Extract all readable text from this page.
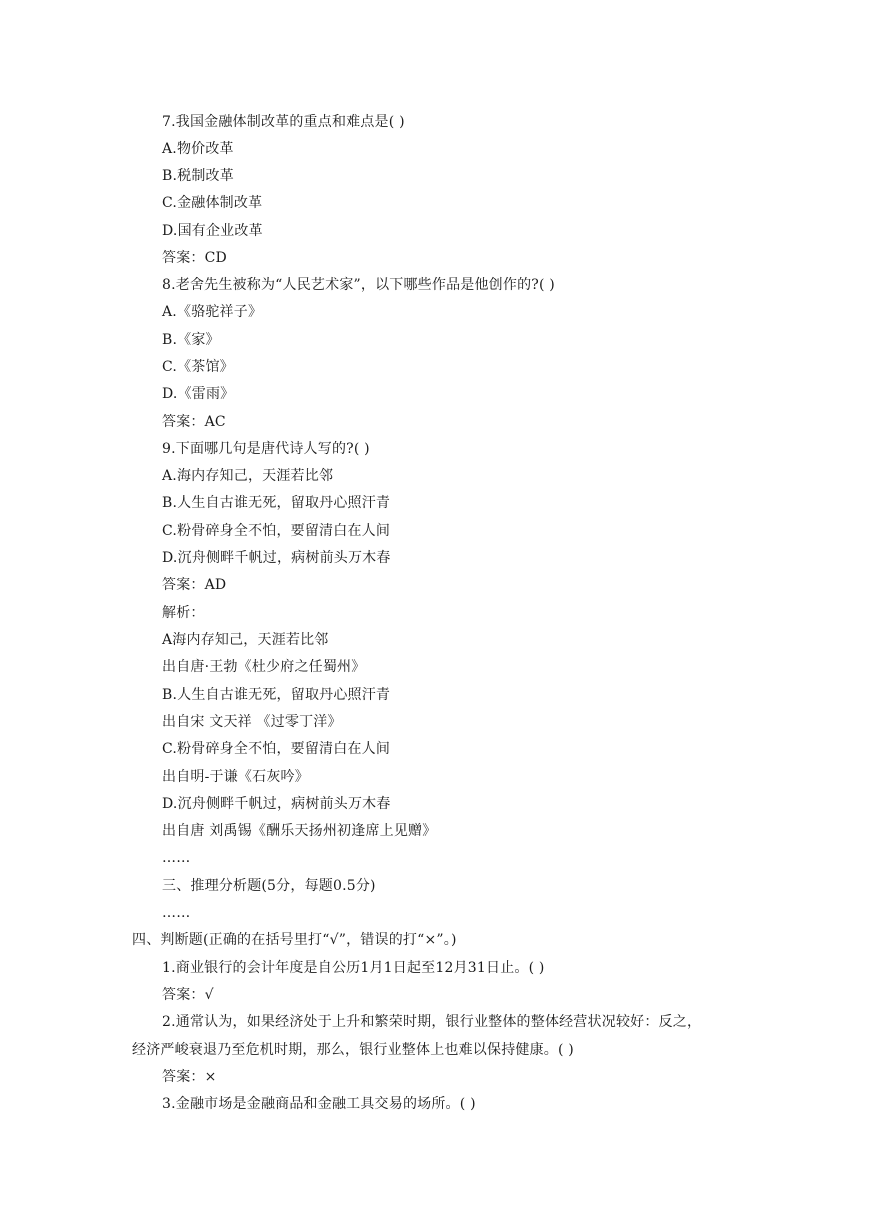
7.我国金融体制改革的重点和难点是( )
A.物价改革
B.税制改革
C.金融体制改革
D.国有企业改革
答案：CD
8.老舍先生被称为“人民艺术家”，以下哪些作品是他创作的?( )
A.《骆驼祥子》
B.《家》
C.《茶馆》
D.《雷雨》
答案：AC
9.下面哪几句是唐代诗人写的?( )
A.海内存知己，天涯若比邻
B.人生自古谁无死，留取丹心照汗青
C.粉骨碎身全不怕，要留清白在人间
D.沉舟侧畔千帆过，病树前头万木春
答案：AD
解析：
A海内存知己，天涯若比邻
出自唐·王勃《杜少府之任蜀州》
B.人生自古谁无死，留取丹心照汗青
出自宋 文天祥 《过零丁洋》
C.粉骨碎身全不怕，要留清白在人间
出自明-于谦《石灰吟》
D.沉舟侧畔千帆过，病树前头万木春
出自唐 刘禹锡《酬乐天扬州初逢席上见赠》
……
三、推理分析题(5分，每题0.5分)
……
四、判断题(正确的在括号里打“√”，错误的打“×”。)
1.商业银行的会计年度是自公历1月1日起至12月31日止。( )
答案：√
2.通常认为，如果经济处于上升和繁荣时期，银行业整体的整体经营状况较好：反之，
经济严峻衰退乃至危机时期，那么，银行业整体上也难以保持健康。( )
答案：×
3.金融市场是金融商品和金融工具交易的场所。( )
